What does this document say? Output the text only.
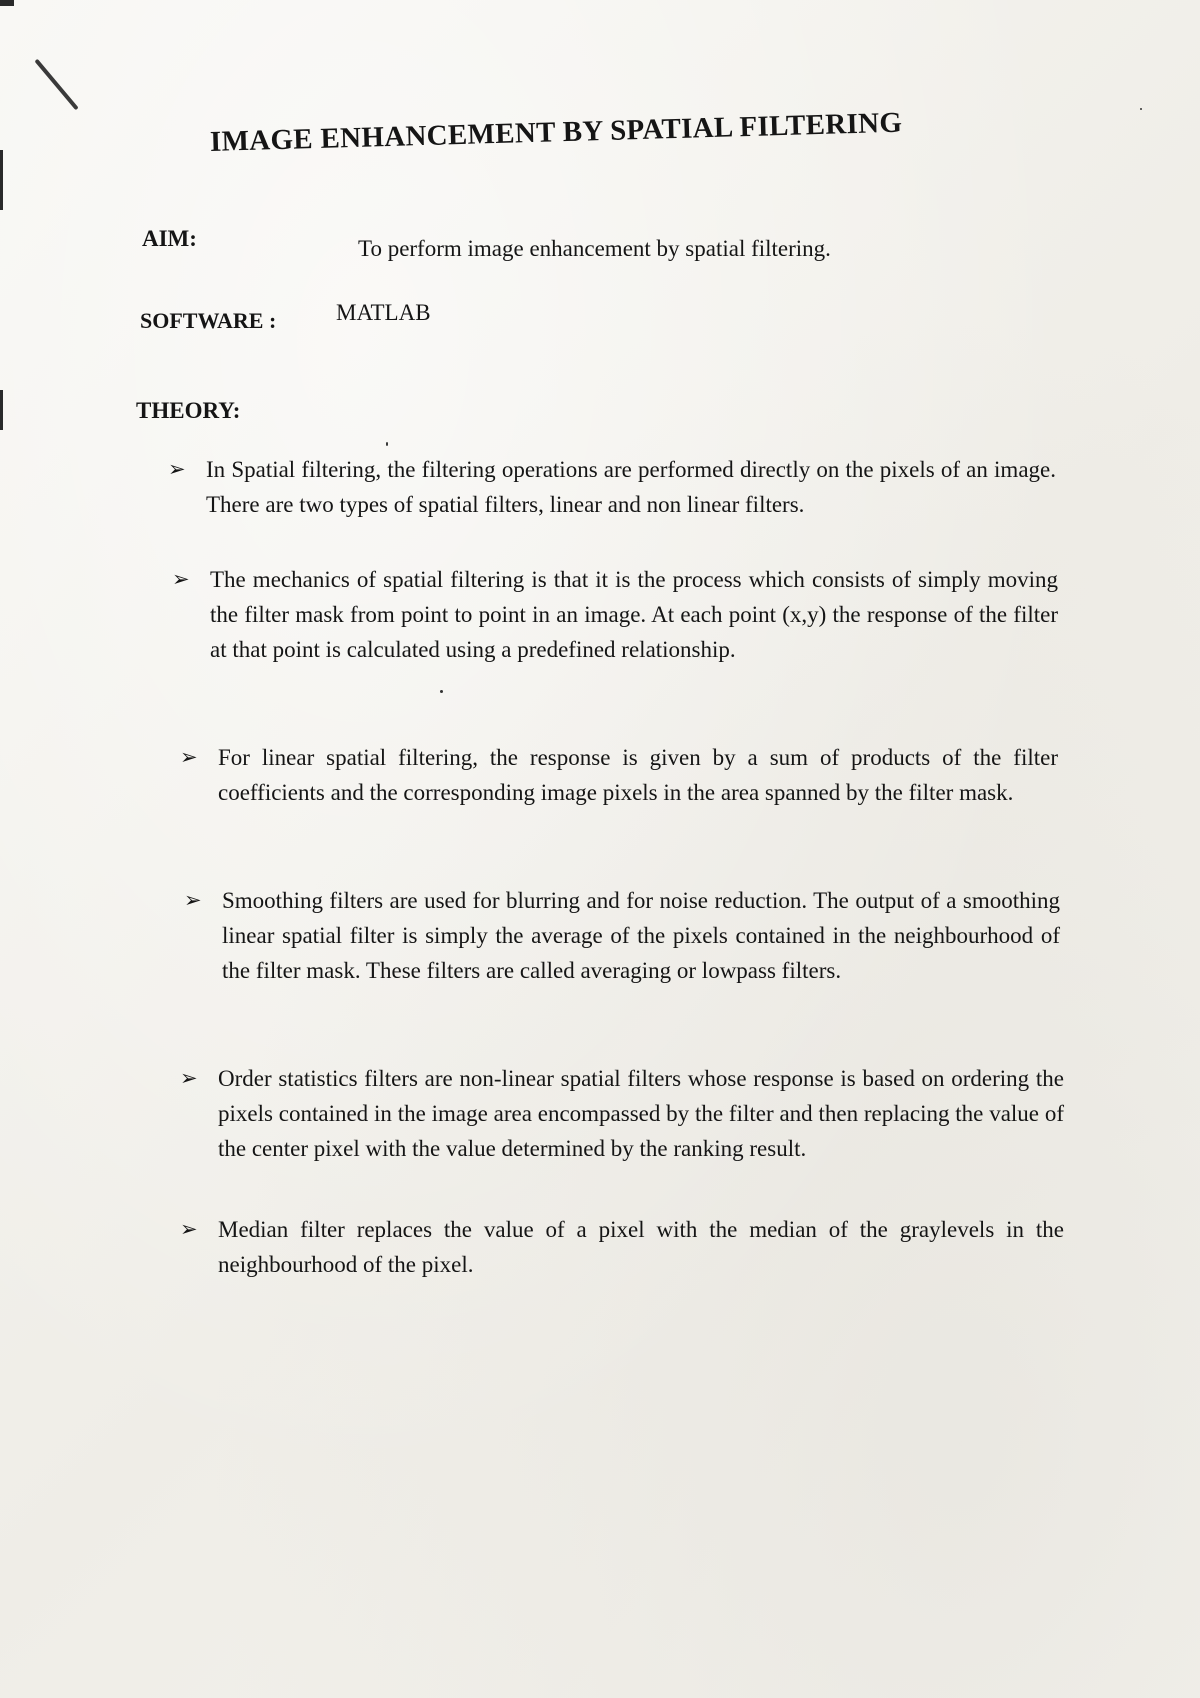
IMAGE ENHANCEMENT BY SPATIAL FILTERING
AIM:	To perform image enhancement by spatial filtering.
SOFTWARE :	MATLAB
THEORY:
➢ In Spatial filtering, the filtering operations are performed directly on the pixels of an image. There are two types of spatial filters, linear and non linear filters.
➢ The mechanics of spatial filtering is that it is the process which consists of simply moving the filter mask from point to point in an image. At each point (x,y) the response of the filter at that point is calculated using a predefined relationship.
➢ For linear spatial filtering, the response is given by a sum of products of the filter coefficients and the corresponding image pixels in the area spanned by the filter mask.
➢ Smoothing filters are used for blurring and for noise reduction. The output of a smoothing linear spatial filter is simply the average of the pixels contained in the neighbourhood of the filter mask. These filters are called averaging or lowpass filters.
➢ Order statistics filters are non-linear spatial filters whose response is based on ordering the pixels contained in the image area encompassed by the filter and then replacing the value of the center pixel with the value determined by the ranking result.
➢ Median filter replaces the value of a pixel with the median of the graylevels in the neighbourhood of the pixel.
